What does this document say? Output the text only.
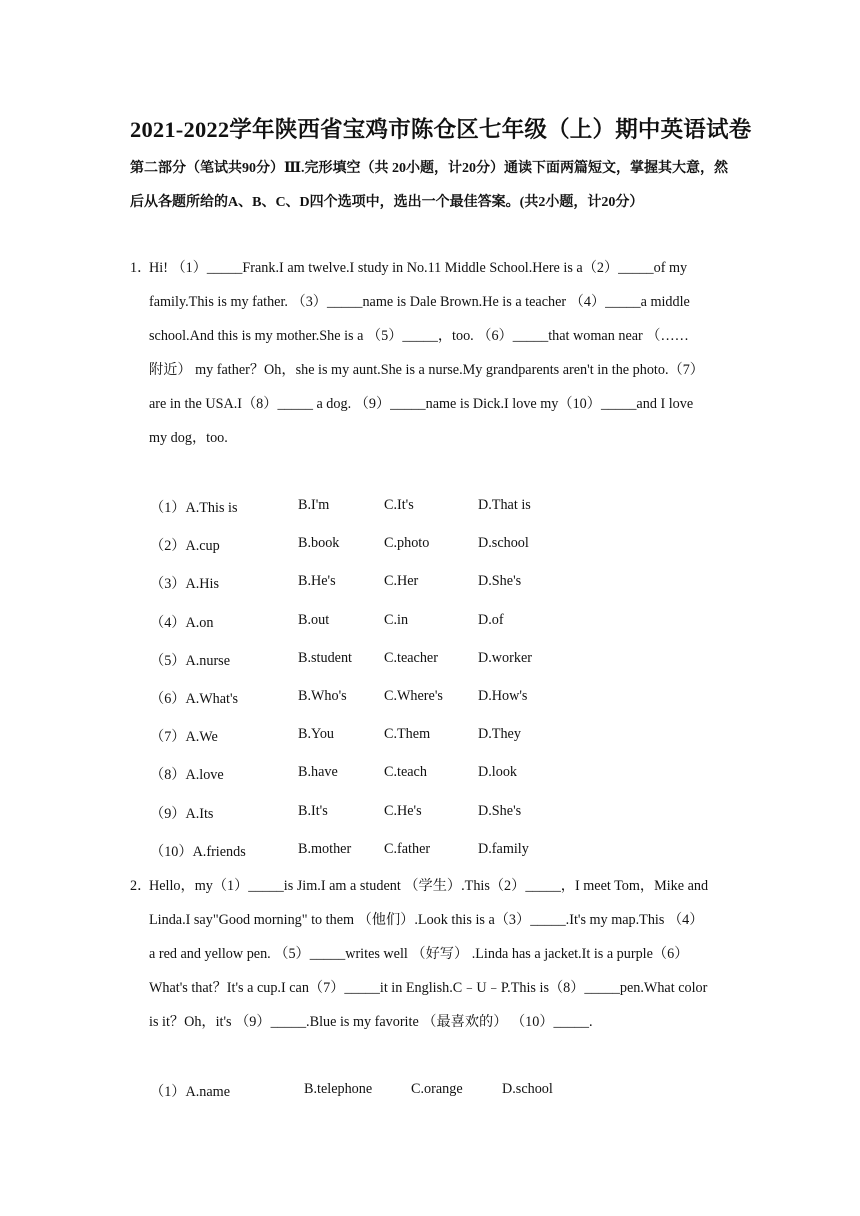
2021-2022学年陕西省宝鸡市陈仓区七年级（上）期中英语试卷
第二部分（笔试共90分）Ⅲ.完形填空（共 20小题，计20分）通读下面两篇短文，掌握其大意，然后从各题所给的A、B、C、D四个选项中，选出一个最佳答案。(共2小题，计20分）
1．
Hi! （1）_____Frank.I am twelve.I study in No.11 Middle School.Here is a（2）_____of my
family.This is my father. （3）_____name is Dale Brown.He is a teacher （4）_____a middle
school.And this is my mother.She is a （5）_____，too. （6）_____that woman near （……
附近） my father？Oh，she is my aunt.She is a nurse.My grandparents aren't in the photo.（7）
are in the USA.I（8）_____ a dog. （9）_____name is Dick.I love my（10）_____and I love
my dog，too.
（1）A.This is	B.I'm	C.It's	D.That is
（2）A.cup	B.book	C.photo	D.school
（3）A.His	B.He's	C.Her	D.She's
（4）A.on	B.out	C.in	D.of
（5）A.nurse	B.student C.teacher	D.worker
（6）A.What's	B.Who's	C.Where's D.How's
（7）A.We	B.You	C.Them	D.They
（8）A.love	B.have	C.teach	D.look
（9）A.Its	B.It's	C.He's	D.She's
（10）A.friends	B.mother C.father	D.family
2．
Hello，my（1）_____is Jim.I am a student （学生）.This（2）_____，I meet Tom，Mike and
Linda.I say"Good morning" to them （他们）.Look this is a（3）_____.It's my map.This （4）
a red and yellow pen. （5）_____writes well （好写） .Linda has a jacket.It is a purple（6）
What's that？It's a cup.I can（7）_____it in English.C﹣U﹣P.This is（8）_____pen.What color
is it？Oh，it's （9）_____.Blue is my favorite （最喜欢的） （10）_____.
（1）A.name	B.telephone	C.orange	D.school
